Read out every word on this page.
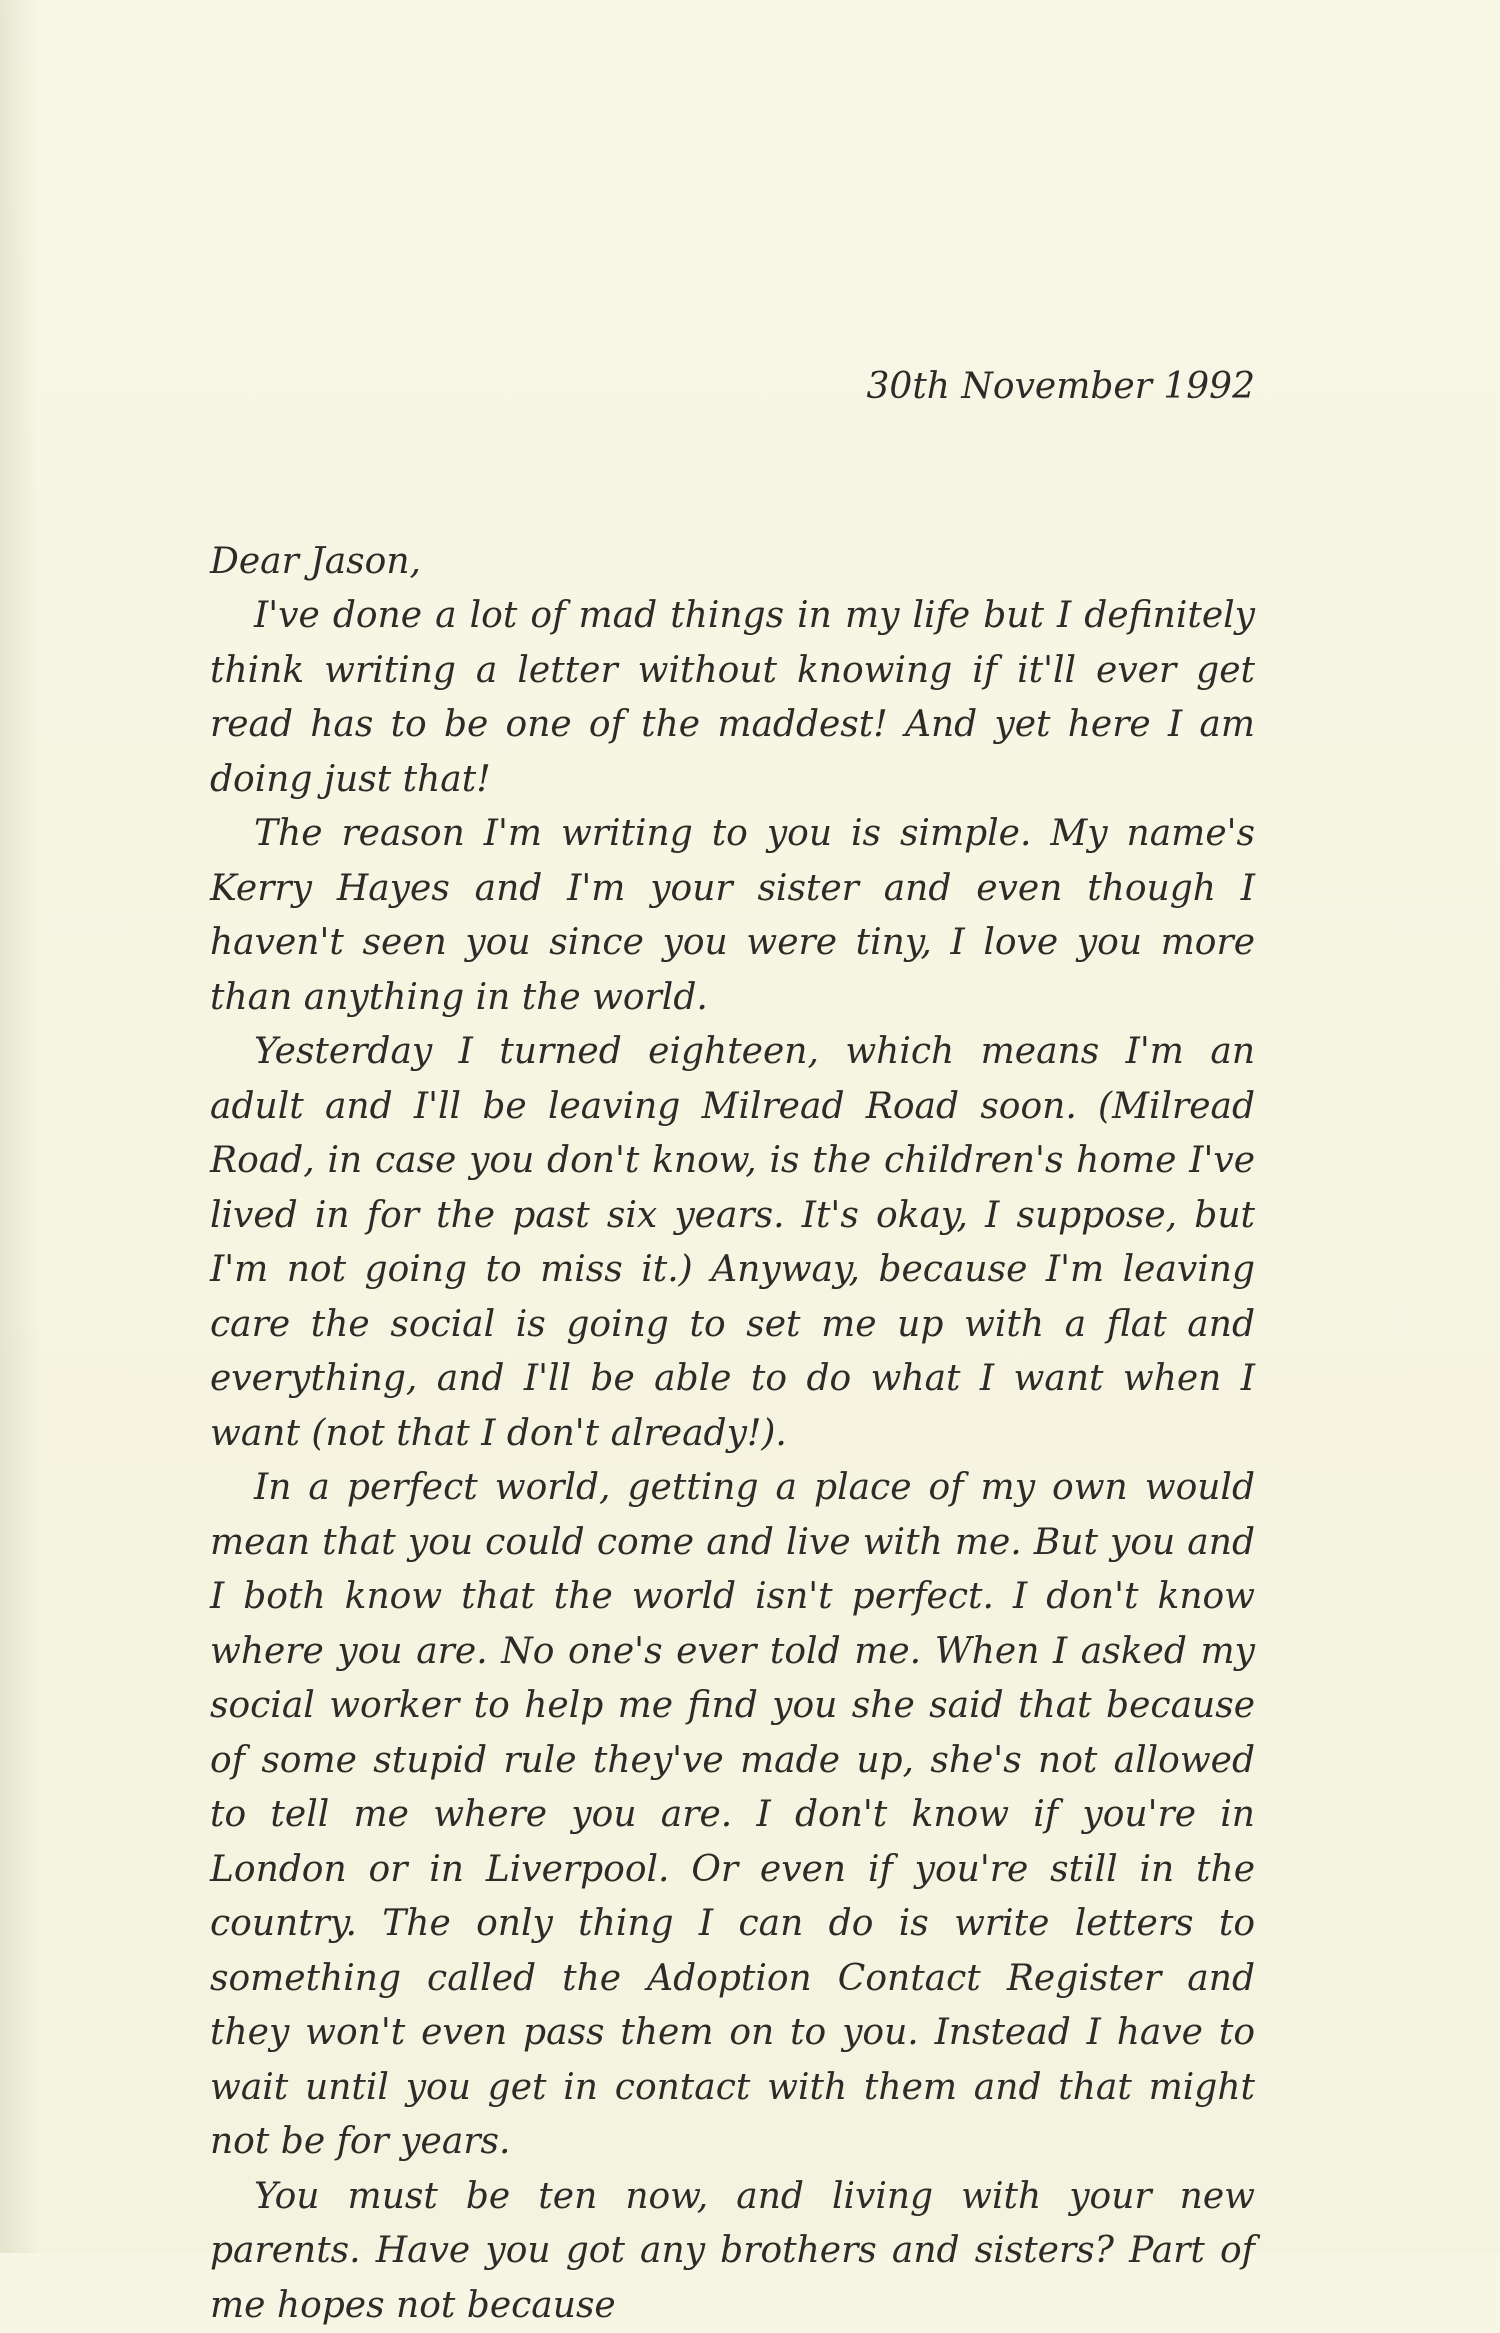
30th November 1992

Dear Jason,

I've done a lot of mad things in my life but I definitely think writing a letter without knowing if it'll ever get read has to be one of the maddest! And yet here I am doing just that!

The reason I'm writing to you is simple. My name's Kerry Hayes and I'm your sister and even though I haven't seen you since you were tiny, I love you more than anything in the world.

Yesterday I turned eighteen, which means I'm an adult and I'll be leaving Milread Road soon. (Milread Road, in case you don't know, is the children's home I've lived in for the past six years. It's okay, I suppose, but I'm not going to miss it.) Anyway, because I'm leaving care the social is going to set me up with a flat and everything, and I'll be able to do what I want when I want (not that I don't already!).

In a perfect world, getting a place of my own would mean that you could come and live with me. But you and I both know that the world isn't perfect. I don't know where you are. No one's ever told me. When I asked my social worker to help me find you she said that because of some stupid rule they've made up, she's not allowed to tell me where you are. I don't know if you're in London or in Liverpool. Or even if you're still in the country. The only thing I can do is write letters to something called the Adoption Contact Register and they won't even pass them on to you. Instead I have to wait until you get in contact with them and that might not be for years.

You must be ten now, and living with your new parents. Have you got any brothers and sisters? Part of me hopes not because
